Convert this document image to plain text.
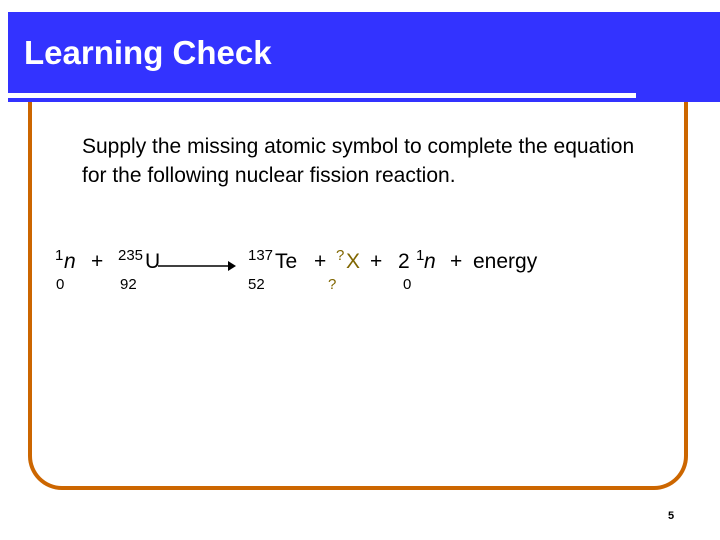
Learning Check
Supply the missing atomic symbol to complete the equation for the following nuclear fission reaction.
1
0
n + 235
92
U	137
52
Te + ?
?
X + 2 1
0
n + energy
5
